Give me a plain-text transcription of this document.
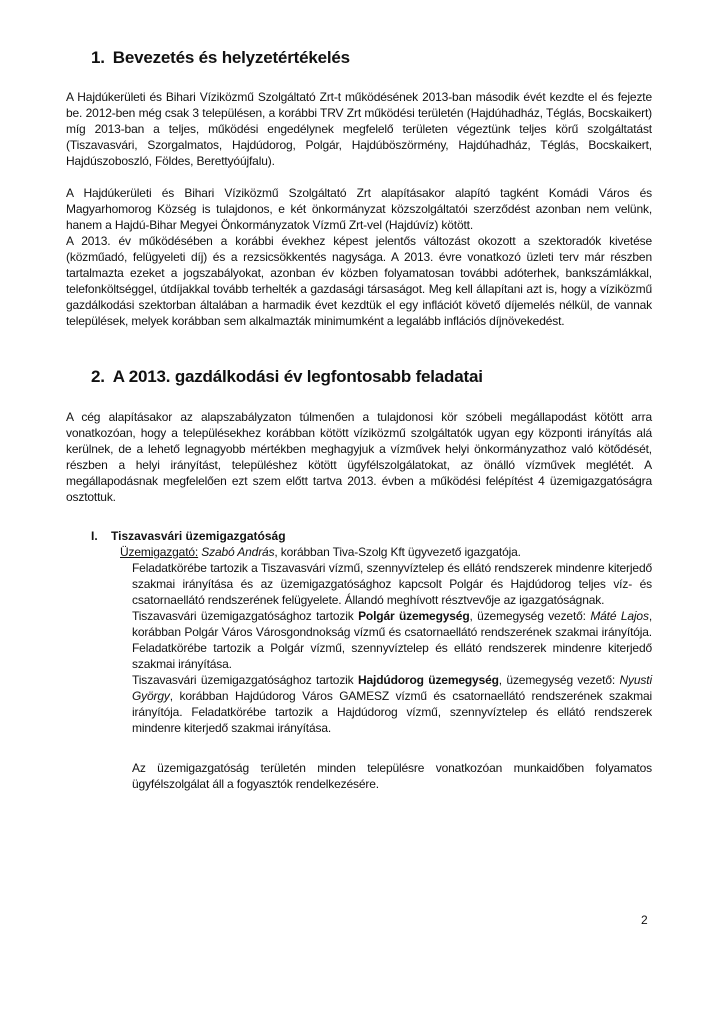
1. Bevezetés és helyzetértékelés

A Hajdúkerületi és Bihari Víziközmű Szolgáltató Zrt-t működésének 2013-ban második évét kezdte el és fejezte be. 2012-ben még csak 3 településen, a korábbi TRV Zrt működési területén (Hajdúhadház, Téglás, Bocskaikert) míg 2013-ban a teljes, működési engedélynek megfelelő területen végeztünk teljes körű szolgáltatást (Tiszavasvári, Szorgalmatos, Hajdúdorog, Polgár, Hajdúböszörmény, Hajdúhadház, Téglás, Bocskaikert, Hajdúszoboszló, Földes, Berettyóújfalu).

A Hajdúkerületi és Bihari Víziközmű Szolgáltató Zrt alapításakor alapító tagként Komádi Város és Magyarhomorog Község is tulajdonos, e két önkormányzat közszolgáltatói szerződést azonban nem velünk, hanem a Hajdú-Bihar Megyei Önkormányzatok Vízmű Zrt-vel (Hajdúvíz) kötött.

A 2013. év működésében a korábbi évekhez képest jelentős változást okozott a szektoradók kivetése (közműadó, felügyeleti díj) és a rezsicsökkentés nagysága. A 2013. évre vonatkozó üzleti terv már részben tartalmazta ezeket a jogszabályokat, azonban év közben folyamatosan további adóterhek, bankszámlákkal, telefonköltséggel, útdíjakkal tovább terhelték a gazdasági társaságot. Meg kell állapítani azt is, hogy a víziközmű gazdálkodási szektorban általában a harmadik évet kezdtük el egy inflációt követő díjemelés nélkül, de vannak települések, melyek korábban sem alkalmazták minimumként a legalább inflációs díjnövekedést.

2. A 2013. gazdálkodási év legfontosabb feladatai

A cég alapításakor az alapszabályzaton túlmenően a tulajdonosi kör szóbeli megállapodást kötött arra vonatkozóan, hogy a településekhez korábban kötött víziközmű szolgáltatók ugyan egy központi irányítás alá kerülnek, de a lehető legnagyobb mértékben meghagyjuk a vízművek helyi önkormányzathoz való kötődését, részben a helyi irányítást, településhez kötött ügyfélszolgálatokat, az önálló vízművek meglétét. A megállapodásnak megfelelően ezt szem előtt tartva 2013. évben a működési felépítést 4 üzemigazgatóságra osztottuk.

I. Tiszavasvári üzemigazgatóság

Üzemigazgató: Szabó András, korábban Tiva-Szolg Kft ügyvezető igazgatója.

Feladatkörébe tartozik a Tiszavasvári vízmű, szennyvíztelep és ellátó rendszerek mindenre kiterjedő szakmai irányítása és az üzemigazgatósághoz kapcsolt Polgár és Hajdúdorog teljes víz- és csatornaellátó rendszerének felügyelete. Állandó meghívott résztvevője az igazgatóságnak.

Tiszavasvári üzemigazgatósághoz tartozik Polgár üzemegység, üzemegység vezető: Máté Lajos, korábban Polgár Város Városgondnokság vízmű és csatornaellátó rendszerének szakmai irányítója. Feladatkörébe tartozik a Polgár vízmű, szennyvíztelep és ellátó rendszerek mindenre kiterjedő szakmai irányítása.

Tiszavasvári üzemigazgatósághoz tartozik Hajdúdorog üzemegység, üzemegység vezető: Nyusti György, korábban Hajdúdorog Város GAMESZ vízmű és csatornaellátó rendszerének szakmai irányítója. Feladatkörébe tartozik a Hajdúdorog vízmű, szennyvíztelep és ellátó rendszerek mindenre kiterjedő szakmai irányítása.

Az üzemigazgatóság területén minden településre vonatkozóan munkaidőben folyamatos ügyfélszolgálat áll a fogyasztók rendelkezésére.

2
